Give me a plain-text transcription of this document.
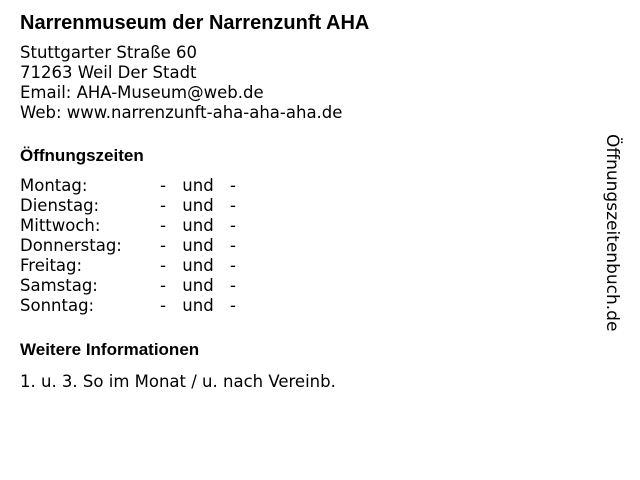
Narrenmuseum der Narrenzunft AHA
Stuttgarter Straße 60
71263 Weil Der Stadt
Email: AHA-Museum@web.de
Web: www.narrenzunft-aha-aha-aha.de
Öffnungszeiten
Montag:	-	und	-
Dienstag:	-	und	-
Mittwoch:	-	und	-
Donnerstag:	-	und	-
Freitag:	-	und	-
Samstag:	-	und	-
Sonntag:	-	und	-
Weitere Informationen
1. u. 3. So im Monat / u. nach Vereinb.
Öffnungszeitenbuch.de
